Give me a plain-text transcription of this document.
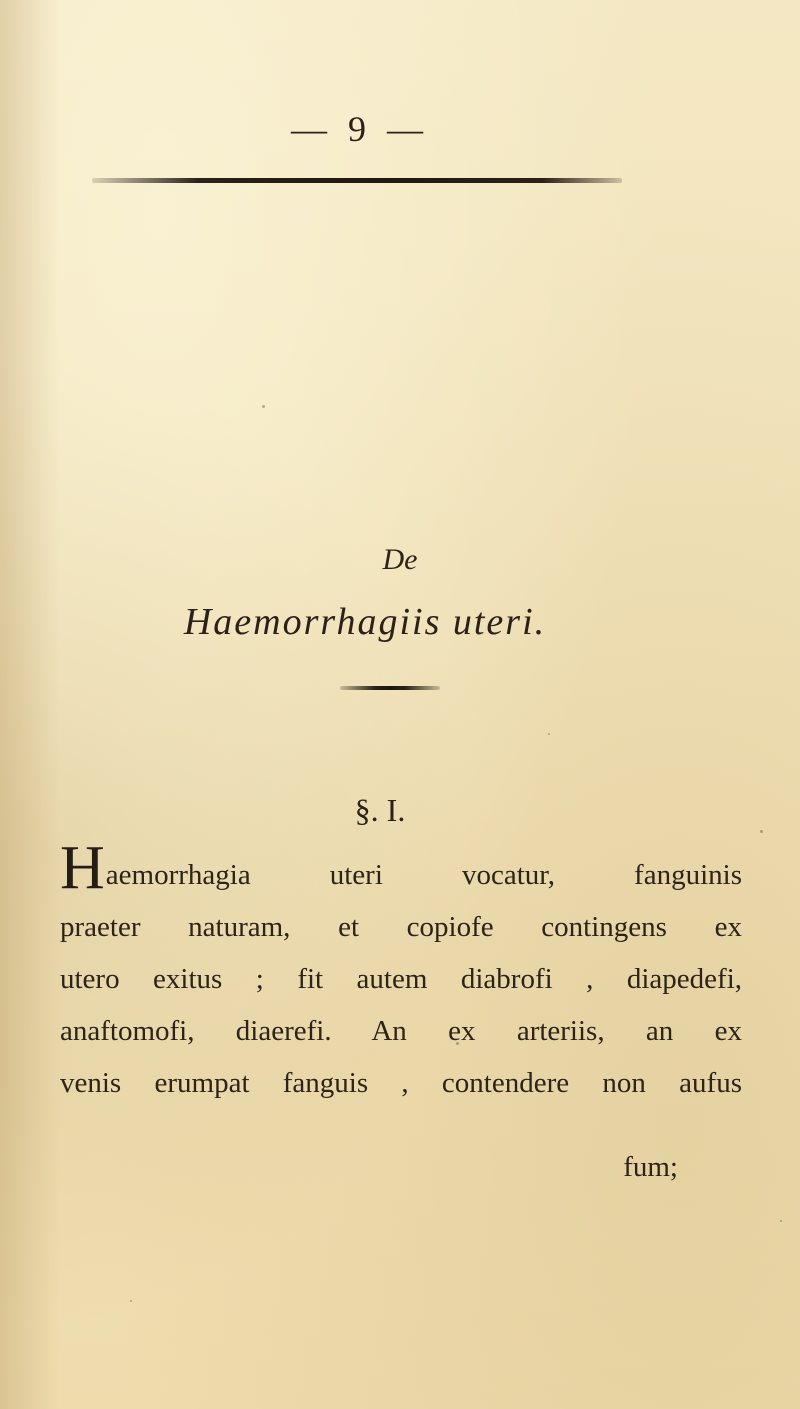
— 9 —
De
Haemorrhagiis uteri.
§. I.
Haemorrhagia uteri vocatur, fanguinis
praeter naturam, et copiofe contingens ex
utero exitus ; fit autem diabrofi , diapedefi,
anaftomofi, diaerefi. An ex arteriis, an ex
venis erumpat fanguis , contendere non aufus
fum;
